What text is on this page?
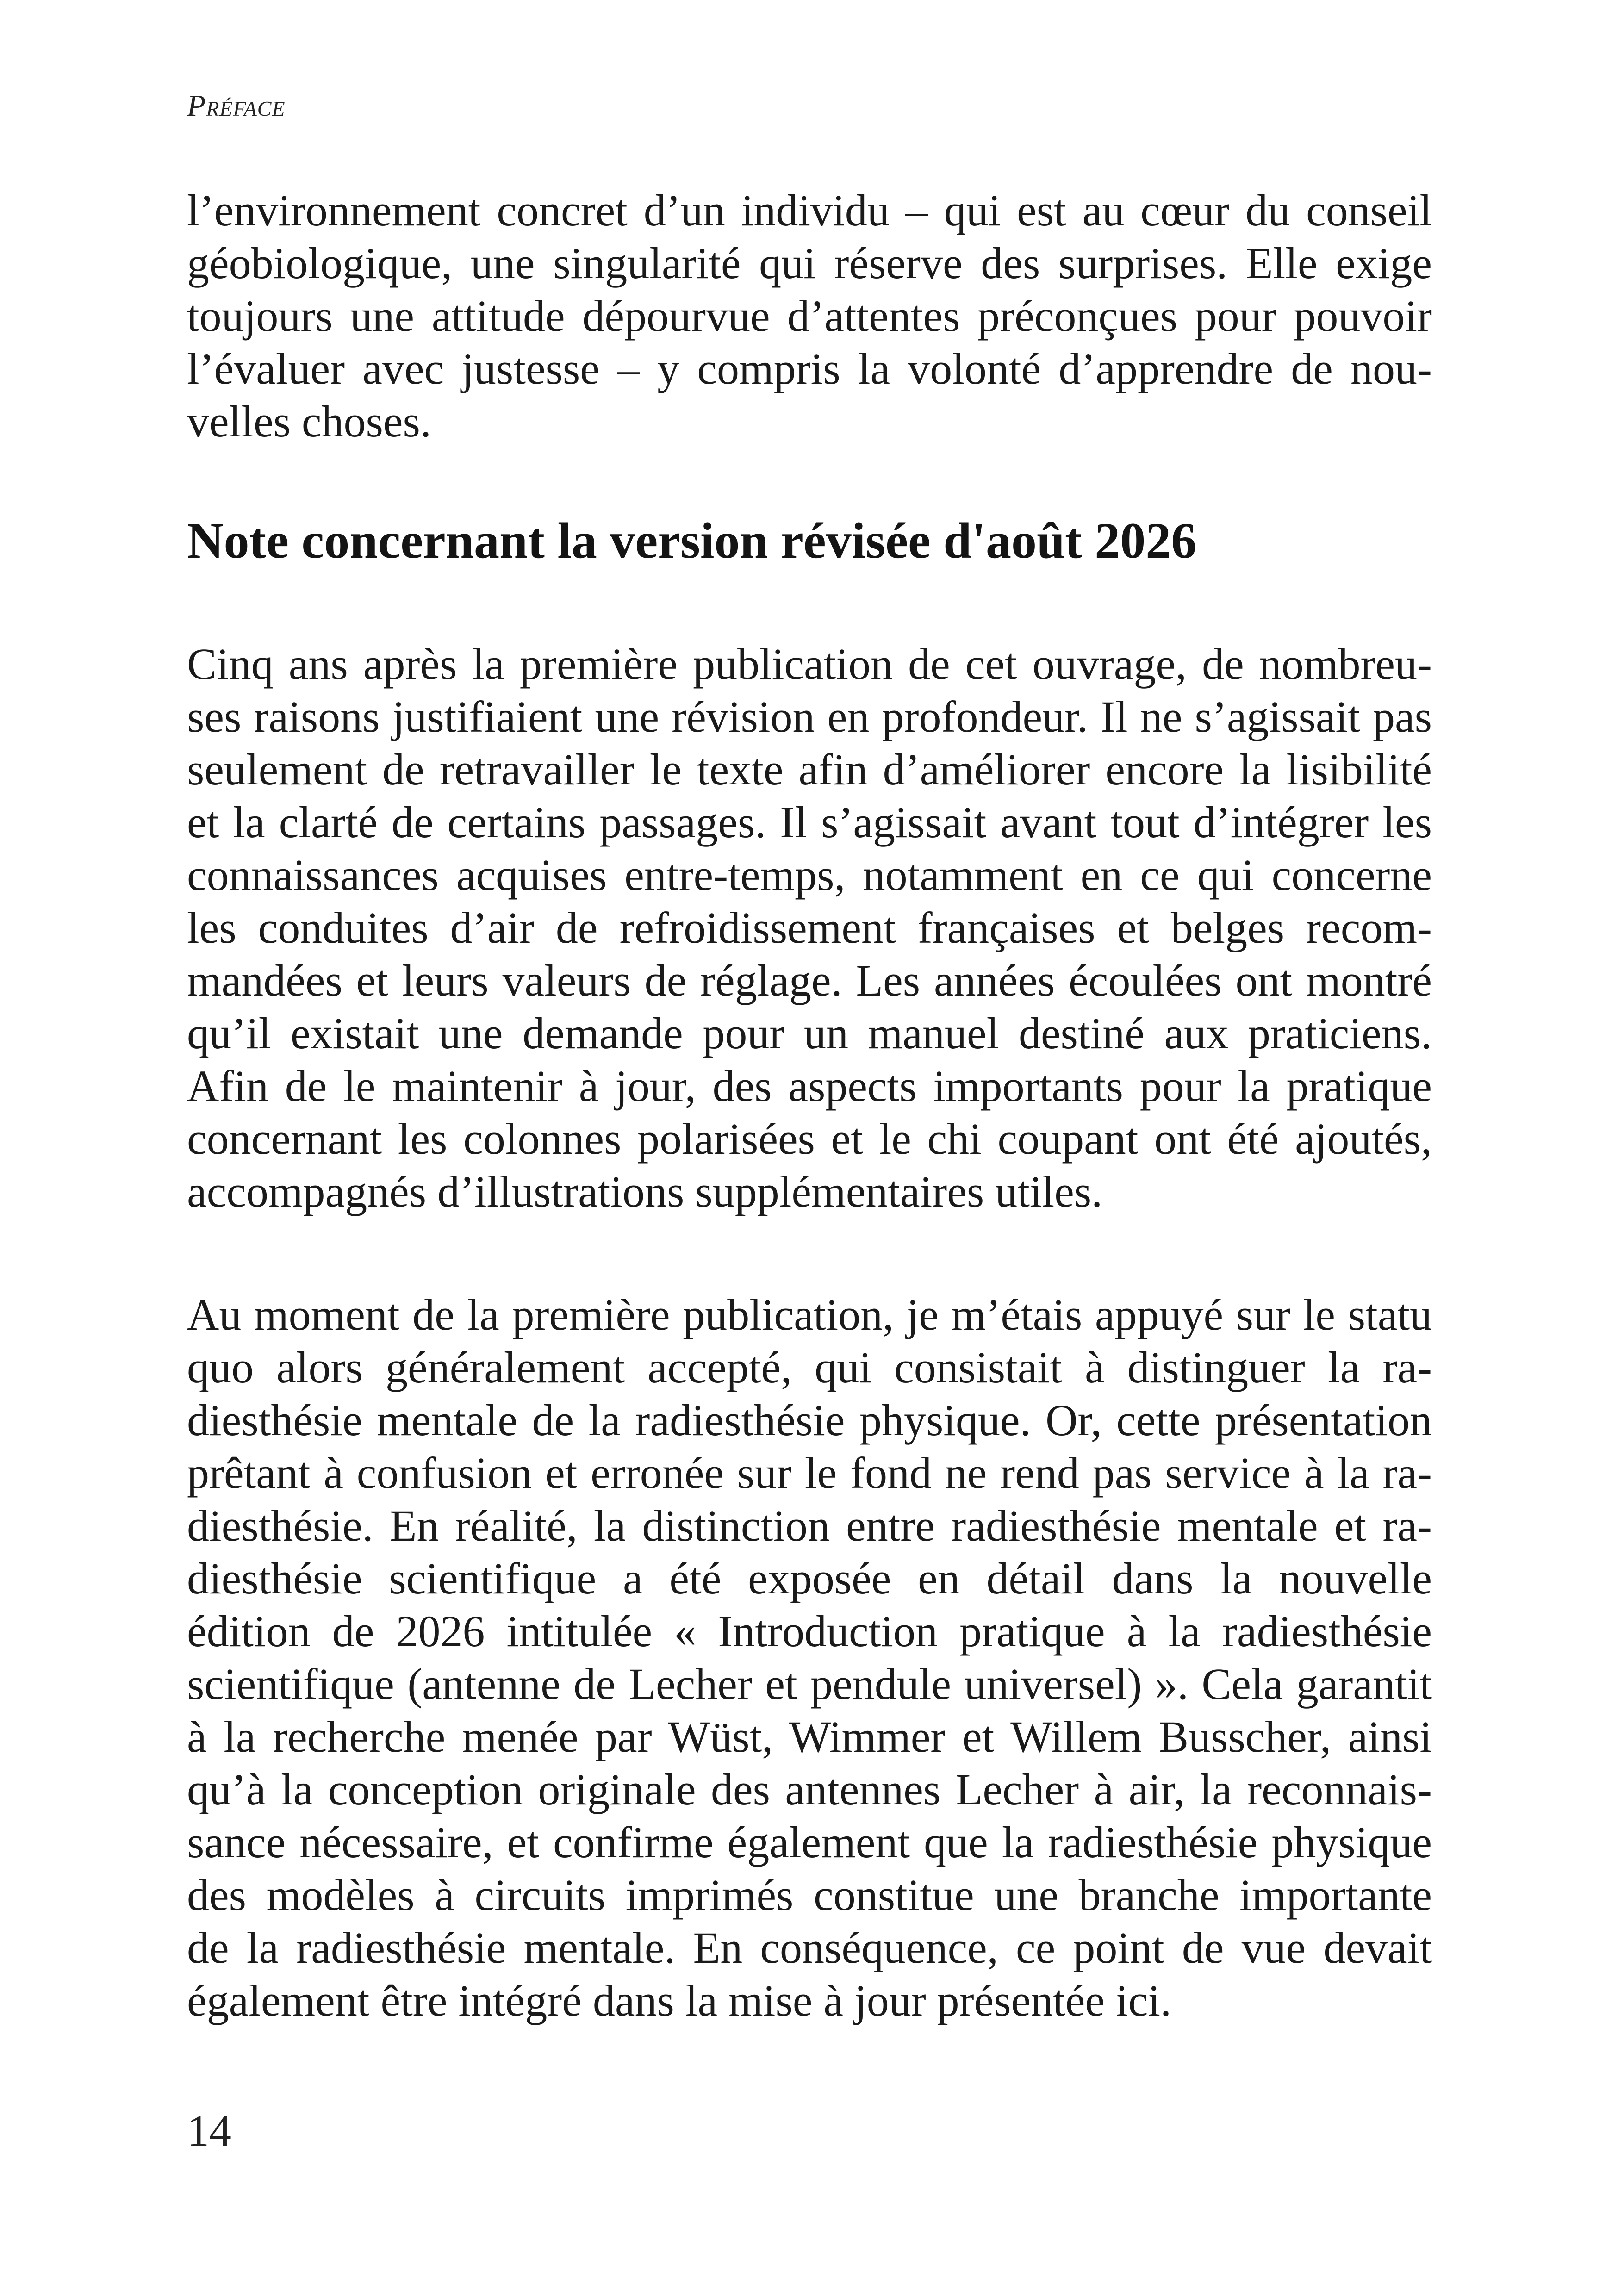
Préface

l’environnement concret d’un individu – qui est au cœur du conseil
géobiologique, une singularité qui réserve des surprises. Elle exige
toujours une attitude dépourvue d’attentes préconçues pour pouvoir
l’évaluer avec justesse – y compris la volonté d’apprendre de nou-
velles choses.

Note concernant la version révisée d'août 2026

Cinq ans après la première publication de cet ouvrage, de nombreu-
ses raisons justifiaient une révision en profondeur. Il ne s’agissait pas
seulement de retravailler le texte afin d’améliorer encore la lisibilité
et la clarté de certains passages. Il s’agissait avant tout d’intégrer les
connaissances acquises entre-temps, notamment en ce qui concerne
les conduites d’air de refroidissement françaises et belges recom-
mandées et leurs valeurs de réglage. Les années écoulées ont montré
qu’il existait une demande pour un manuel destiné aux praticiens.
Afin de le maintenir à jour, des aspects importants pour la pratique
concernant les colonnes polarisées et le chi coupant ont été ajoutés,
accompagnés d’illustrations supplémentaires utiles.

Au moment de la première publication, je m’étais appuyé sur le statu
quo alors généralement accepté, qui consistait à distinguer la ra-
diesthésie mentale de la radiesthésie physique. Or, cette présentation
prêtant à confusion et erronée sur le fond ne rend pas service à la ra-
diesthésie. En réalité, la distinction entre radiesthésie mentale et ra-
diesthésie scientifique a été exposée en détail dans la nouvelle
édition de 2026 intitulée « Introduction pratique à la radiesthésie
scientifique (antenne de Lecher et pendule universel) ». Cela garantit
à la recherche menée par Wüst, Wimmer et Willem Busscher, ainsi
qu’à la conception originale des antennes Lecher à air, la reconnais-
sance nécessaire, et confirme également que la radiesthésie physique
des modèles à circuits imprimés constitue une branche importante
de la radiesthésie mentale. En conséquence, ce point de vue devait
également être intégré dans la mise à jour présentée ici.

14
